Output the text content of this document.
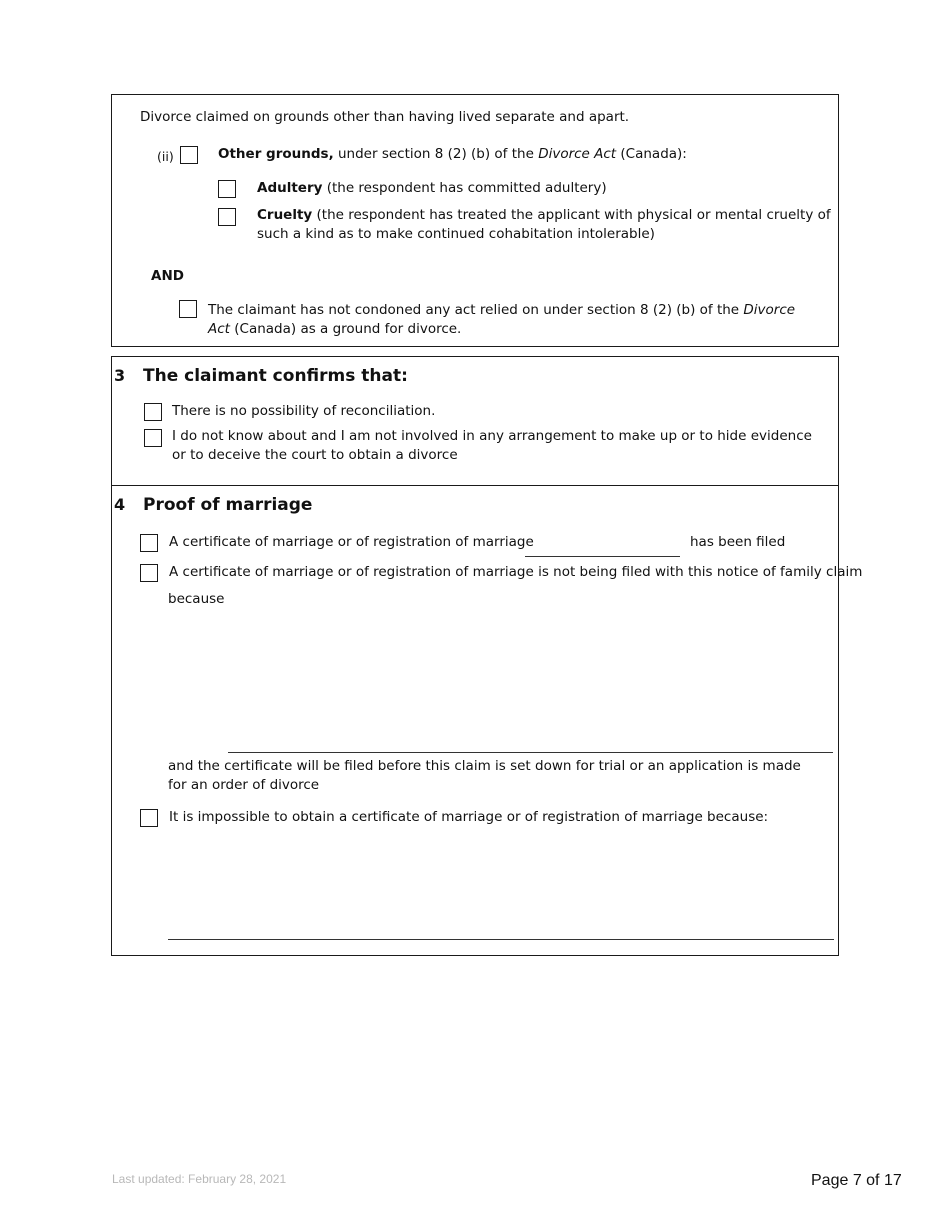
Divorce claimed on grounds other than having lived separate and apart.
(ii)	Other grounds, under section 8 (2) (b) of the Divorce Act (Canada):
Adultery (the respondent has committed adultery)
Cruelty (the respondent has treated the applicant with physical or mental cruelty of such a kind as to make continued cohabitation intolerable)
AND
The claimant has not condoned any act relied on under section 8 (2) (b) of the Divorce Act (Canada) as a ground for divorce.
3 The claimant confirms that:
There is no possibility of reconciliation.
I do not know about and I am not involved in any arrangement to make up or to hide evidence or to deceive the court to obtain a divorce
4 Proof of marriage
A certificate of marriage or of registration of marriage	has been filed
A certificate of marriage or of registration of marriage is not being filed with this notice of family claim
because
and the certificate will be filed before this claim is set down for trial or an application is made for an order of divorce
It is impossible to obtain a certificate of marriage or of registration of marriage because:
Last updated: February 28, 2021	Page 7 of 17
